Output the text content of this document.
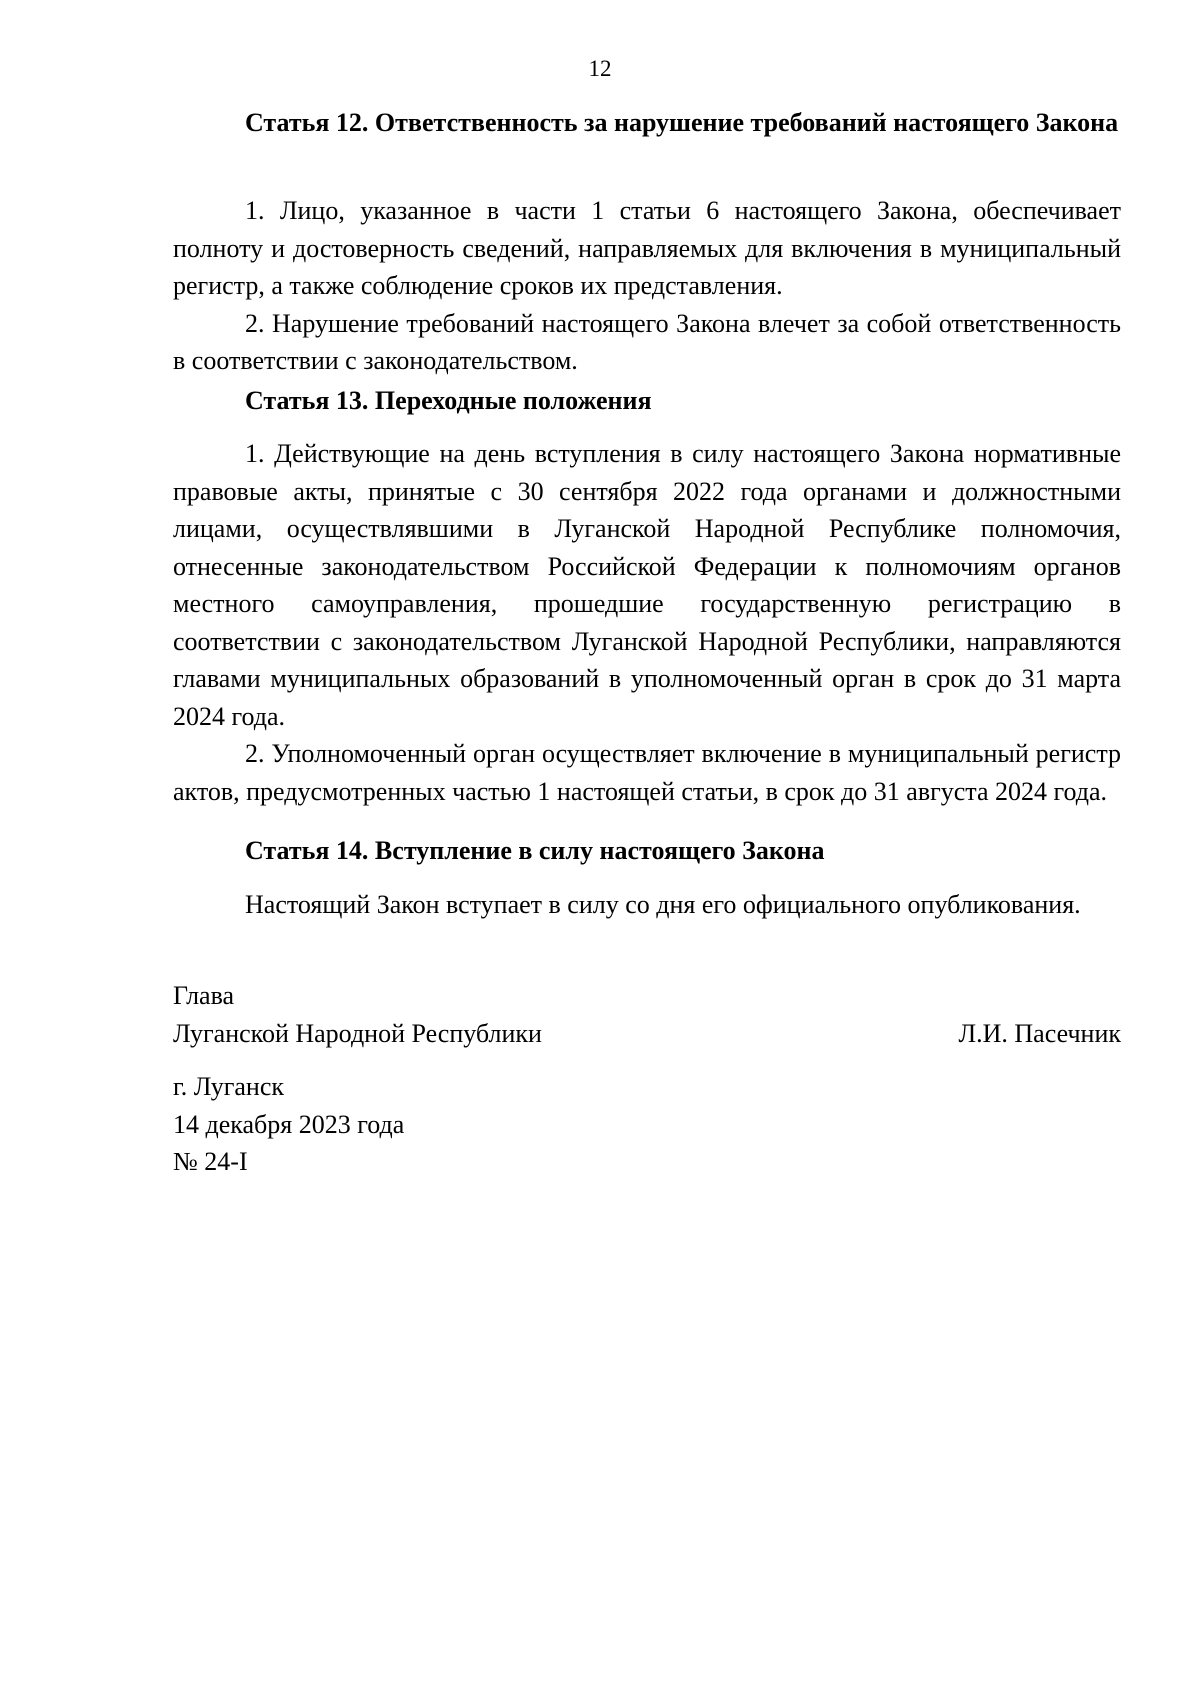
12

Статья 12. Ответственность за нарушение требований настоящего Закона

1. Лицо, указанное в части 1 статьи 6 настоящего Закона, обеспечивает полноту и достоверность сведений, направляемых для включения в муниципальный регистр, а также соблюдение сроков их представления.

2. Нарушение требований настоящего Закона влечет за собой ответственность в соответствии с законодательством.

Статья 13. Переходные положения

1. Действующие на день вступления в силу настоящего Закона нормативные правовые акты, принятые с 30 сентября 2022 года органами и должностными лицами, осуществлявшими в Луганской Народной Республике полномочия, отнесенные законодательством Российской Федерации к полномочиям органов местного самоуправления, прошедшие государственную регистрацию в соответствии с законодательством Луганской Народной Республики, направляются главами муниципальных образований в уполномоченный орган в срок до 31 марта 2024 года.

2. Уполномоченный орган осуществляет включение в муниципальный регистр актов, предусмотренных частью 1 настоящей статьи, в срок до 31 августа 2024 года.

Статья 14. Вступление в силу настоящего Закона

Настоящий Закон вступает в силу со дня его официального опубликования.

Глава

Луганской Народной Республики	Л.И. Пасечник

г. Луганск

14 декабря 2023 года

№ 24-I
